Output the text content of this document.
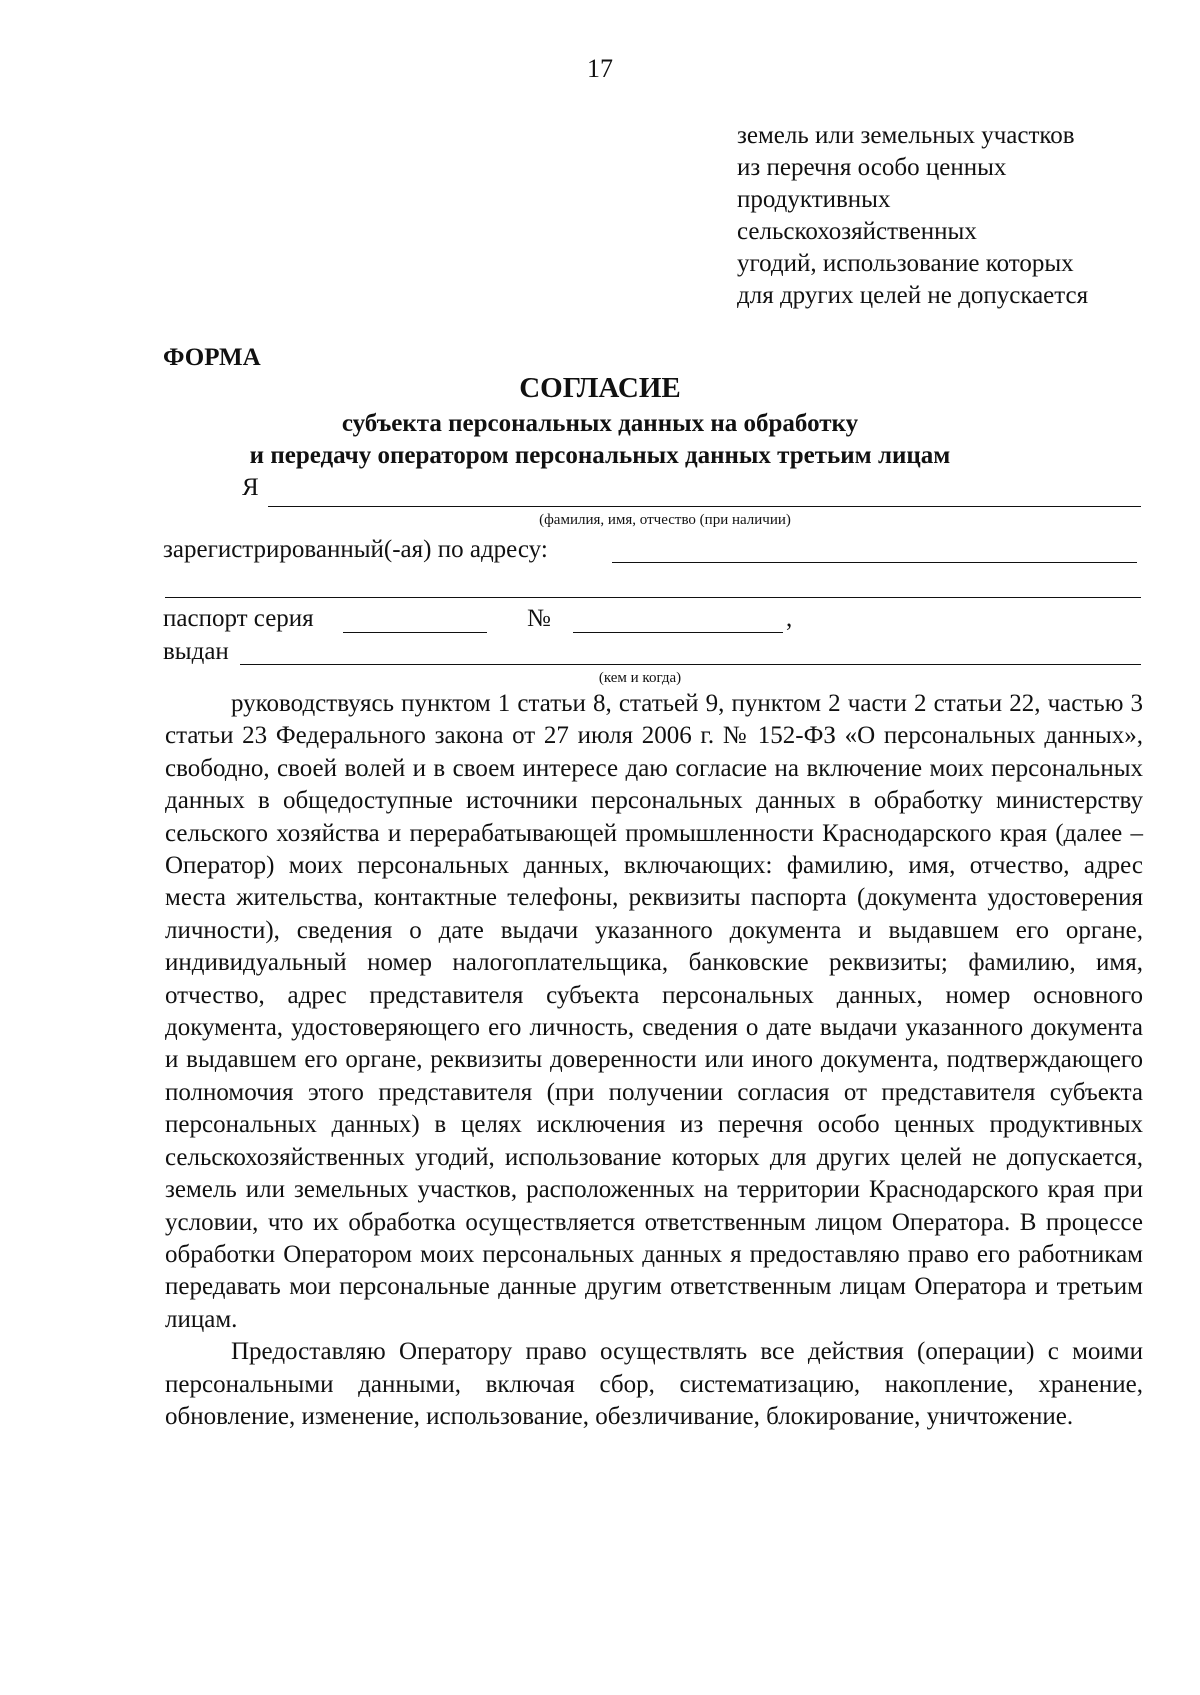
17
земель или земельных участков
из перечня особо ценных
продуктивных
сельскохозяйственных
угодий, использование которых
для других целей не допускается
ФОРМА
СОГЛАСИЕ
субъекта персональных данных на обработку
и передачу оператором персональных данных третьим лицам
Я
(фамилия, имя, отчество (при наличии)
зарегистрированный(-ая) по адресу:
паспорт серия	№	,
выдан
(кем и когда)

руководствуясь пунктом 1 статьи 8, статьей 9, пунктом 2 части 2 статьи 22, частью 3 статьи 23 Федерального закона от 27 июля 2006 г. № 152-ФЗ «О персональных данных», свободно, своей волей и в своем интересе даю согласие на включение моих персональных данных в общедоступные источники персональных данных в обработку министерству сельского хозяйства и перерабатывающей промышленности Краснодарского края (далее – Оператор) моих персональных данных, включающих: фамилию, имя, отчество, адрес места жительства, контактные телефоны, реквизиты паспорта (документа удостоверения личности), сведения о дате выдачи указанного документа и выдавшем его органе, индивидуальный номер налогоплательщика, банковские реквизиты; фамилию, имя, отчество, адрес представителя субъекта персональных данных, номер основного документа, удостоверяющего его личность, сведения о дате выдачи указанного документа и выдавшем его органе, реквизиты доверенности или иного документа, подтверждающего полномочия этого представителя (при получении согласия от представителя субъекта персональных данных) в целях исключения из перечня особо ценных продуктивных сельскохозяйственных угодий, использование которых для других целей не допускается, земель или земельных участков, расположенных на территории Краснодарского края при условии, что их обработка осуществляется ответственным лицом Оператора. В процессе обработки Оператором моих персональных данных я предоставляю право его работникам передавать мои персональные данные другим ответственным лицам Оператора и третьим лицам.

Предоставляю Оператору право осуществлять все действия (операции) с моими персональными данными, включая сбор, систематизацию, накопление, хранение, обновление, изменение, использование, обезличивание, блокирование, уничтожение.
